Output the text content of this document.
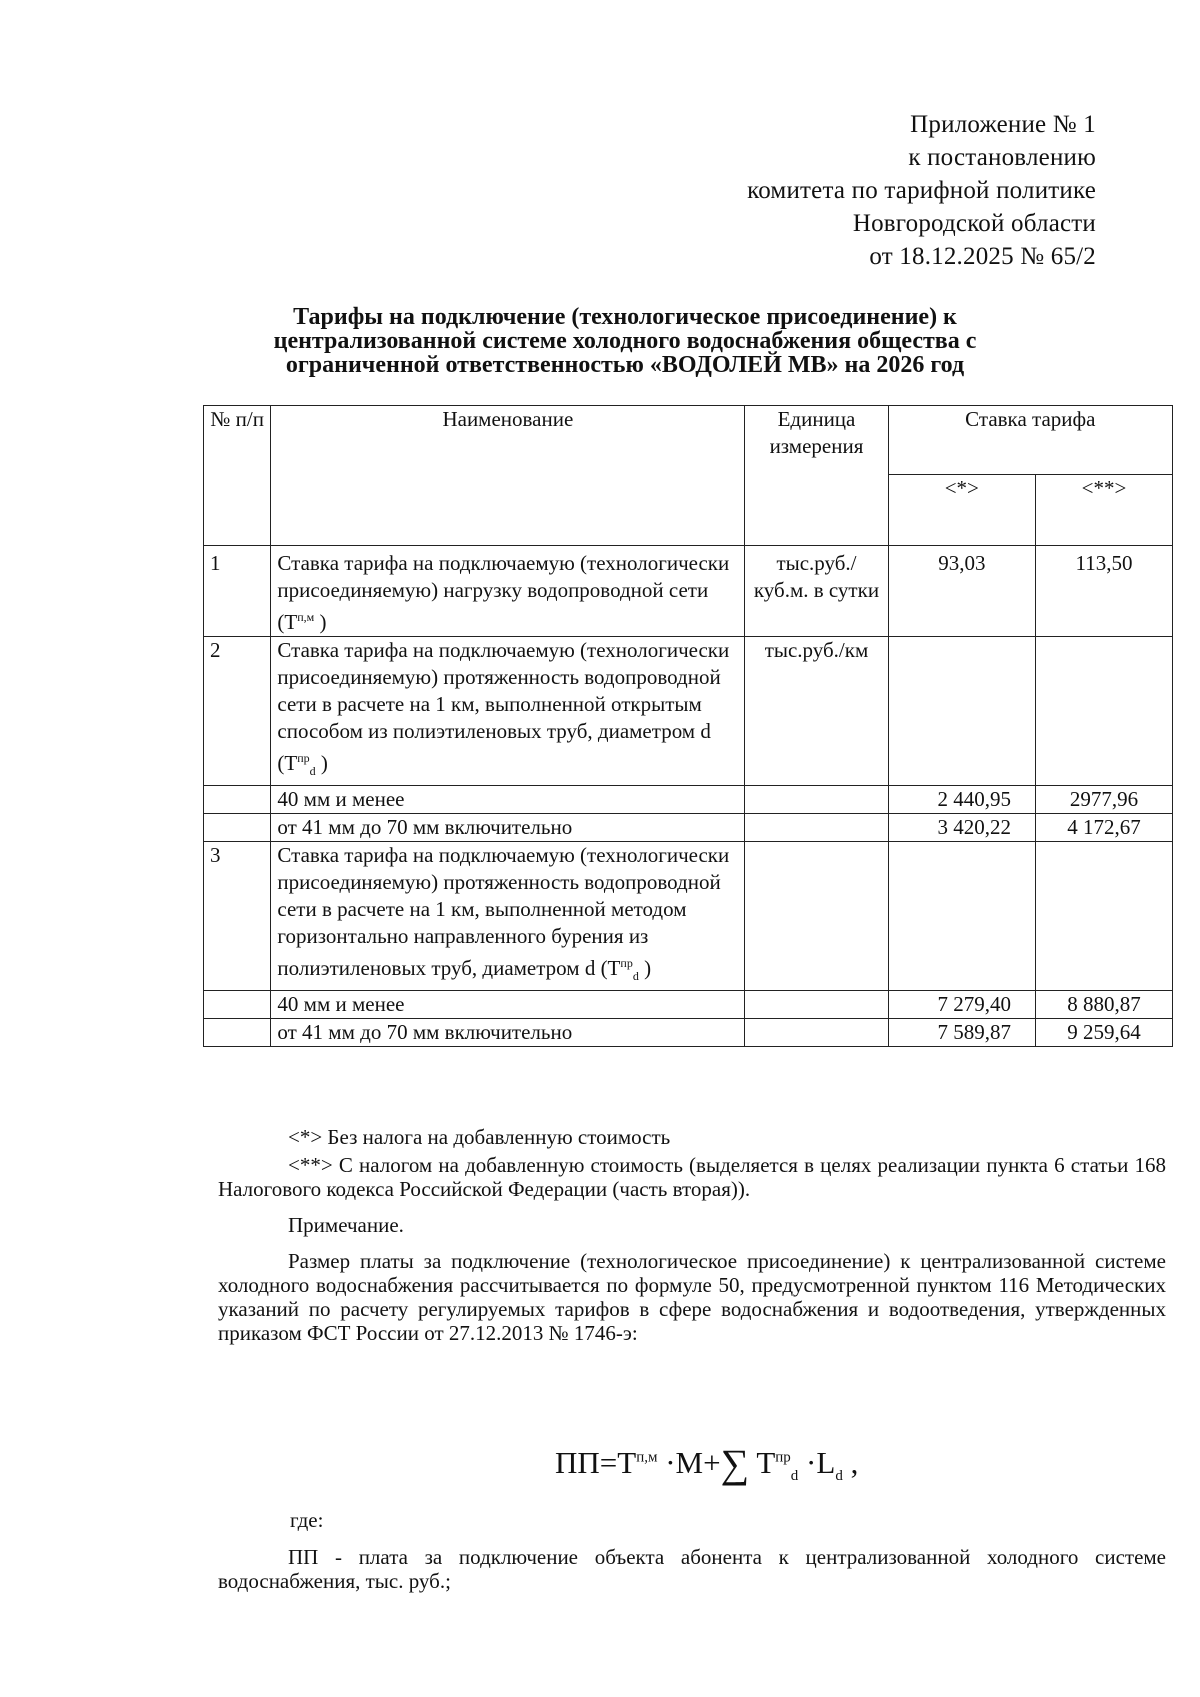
Приложение № 1
к постановлению
комитета по тарифной политике
Новгородской области
от 18.12.2025 № 65/2
Тарифы на подключение (технологическое присоединение) к
централизованной системе холодного водоснабжения общества с
ограниченной ответственностью «ВОДОЛЕЙ МВ» на 2026 год
№ п/п	Наименование	Единица измерения	Ставка тарифа	
			<*>	<**>
1	Ставка тарифа на подключаемую (технологически присоединяемую) нагрузку водопроводной сети ($T^{п,м}$ )	тыс.руб./ куб.м. в сутки	93,03	113,50
2	Ставка тарифа на подключаемую (технологически присоединяемую) протяженность водопроводной сети в расчете на 1 км, выполненной открытым способом из полиэтиленовых труб, диаметром d ($T^{пр}_d$ )	тыс.руб./км		
	40 мм и менее		2 440,95	2977,96
	от 41 мм до 70 мм включительно		3 420,22	4 172,67
3	Ставка тарифа на подключаемую (технологически присоединяемую) протяженность водопроводной сети в расчете на 1 км, выполненной методом горизонтально направленного бурения из полиэтиленовых труб, диаметром d ($T^{пр}_d$ )			
	40 мм и менее		7 279,40	8 880,87
	от 41 мм до 70 мм включительно		7 589,87	9 259,64

<*> Без налога на добавленную стоимость

<**> С налогом на добавленную стоимость (выделяется в целях реализации пункта 6 статьи 168 Налогового кодекса Российской Федерации (часть вторая)).

Примечание.

Размер платы за подключение (технологическое присоединение) к централизованной системе холодного водоснабжения рассчитывается по формуле 50, предусмотренной пунктом 116 Методических указаний по расчету регулируемых тарифов в сфере водоснабжения и водоотведения, утвержденных приказом ФСТ России от 27.12.2013 № 1746-э:

$ПП=T^{п,м} \cdot M+\sum$ $T^{пр}_d \cdot L_d$ ,
где:
ПП - плата за подключение объекта абонента к централизованной холодного системе водоснабжения, тыс. руб.;
